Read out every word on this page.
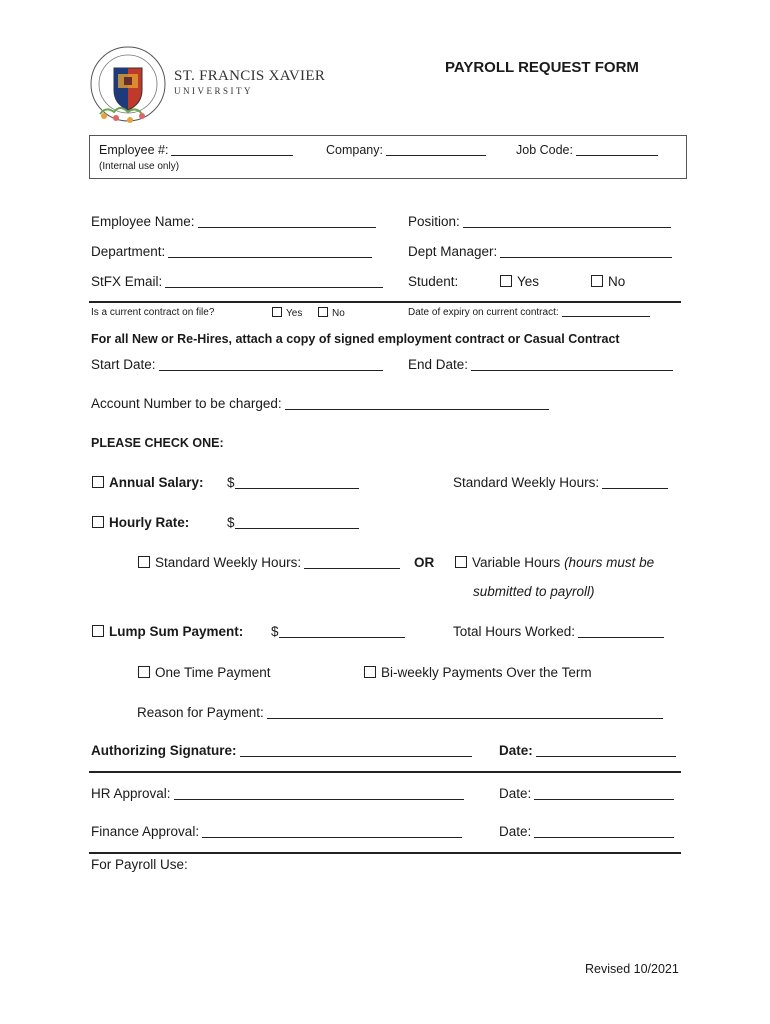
ST. FRANCIS XAVIER
UNIVERSITY
PAYROLL REQUEST FORM
Employee #:	Company:	Job Code:
(Internal use only)
Employee Name:	Position:
Department:	Dept Manager:
StFX Email:	Student:	Yes	No
Is a current contract on file?	Yes	No	Date of expiry on current contract:
For all New or Re-Hires, attach a copy of signed employment contract or Casual Contract
Start Date:	End Date:
Account Number to be charged:
PLEASE CHECK ONE:
Annual Salary: $	Standard Weekly Hours:
Hourly Rate:	$
Standard Weekly Hours:	OR	Variable Hours (hours must be
submitted to payroll)
Lump Sum Payment: $	Total Hours Worked:
One Time Payment	Bi-weekly Payments Over the Term
Reason for Payment:
Authorizing Signature:	Date:
HR Approval:	Date:
Finance Approval:	Date:
For Payroll Use:
Revised 10/2021
